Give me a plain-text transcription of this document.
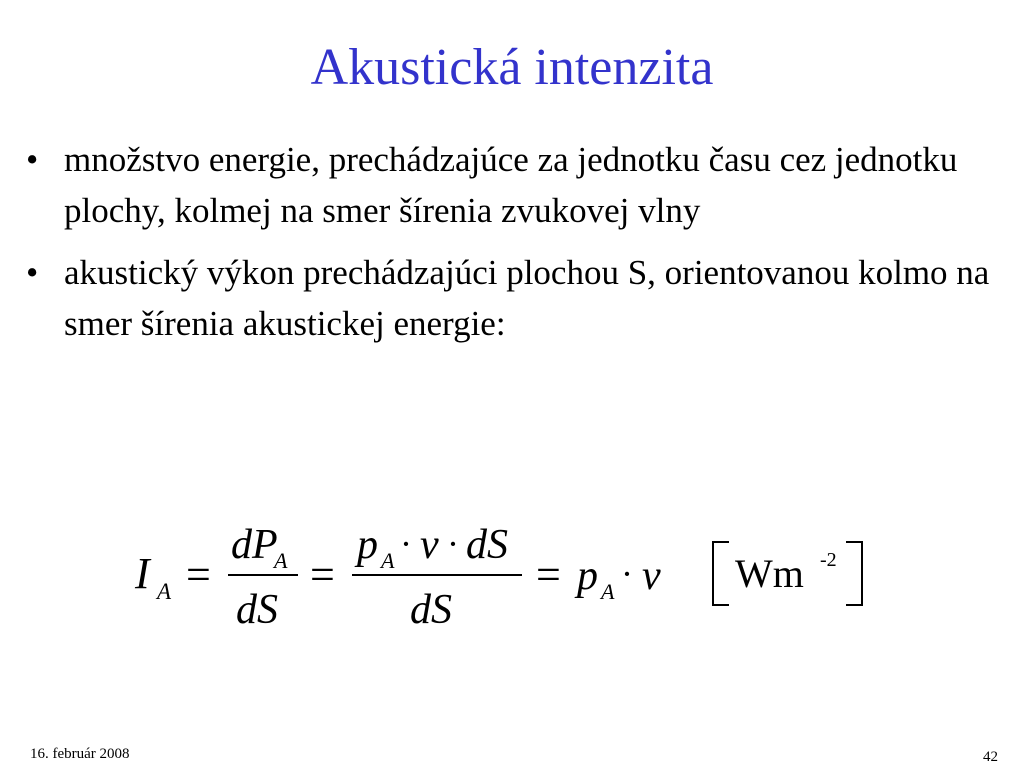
Akustická intenzita
• množstvo energie, prechádzajúce za jednotku času cez jednotku plochy, kolmej na smer šírenia zvukovej vlny
• akustický výkon prechádzajúci plochou S, orientovanou kolmo na smer šírenia akustickej energie:
I A =
dP
A
dS
=
p A · v · dS
dS
= p A · v Wm -2
16. február 2008	42
